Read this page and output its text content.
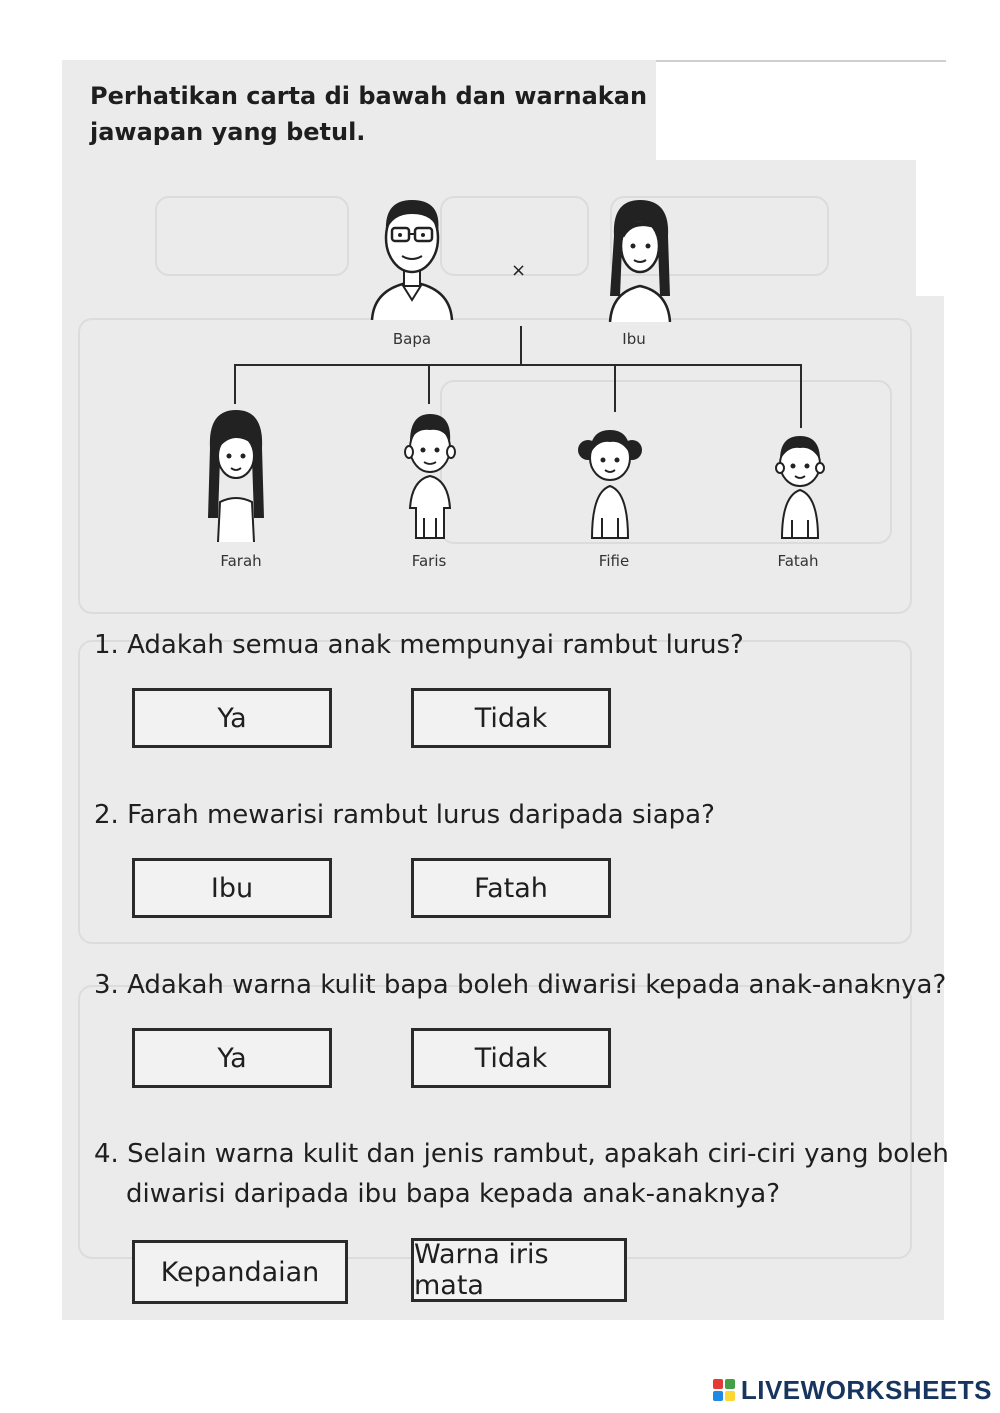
Perhatikan carta di bawah dan warnakan
jawapan yang betul.
Bapa
×
Ibu
Farah	Faris	Fifie	Fatah
1. Adakah semua anak mempunyai rambut lurus?
Ya	Tidak
2. Farah mewarisi rambut lurus daripada siapa?
Ibu	Fatah
3. Adakah warna kulit bapa boleh diwarisi kepada anak-anaknya?
Ya	Tidak
4. Selain warna kulit dan jenis rambut, apakah ciri-ciri yang boleh
diwarisi daripada ibu bapa kepada anak-anaknya?
Kepandaian
Warna iris mata
LIVEWORKSHEETS
